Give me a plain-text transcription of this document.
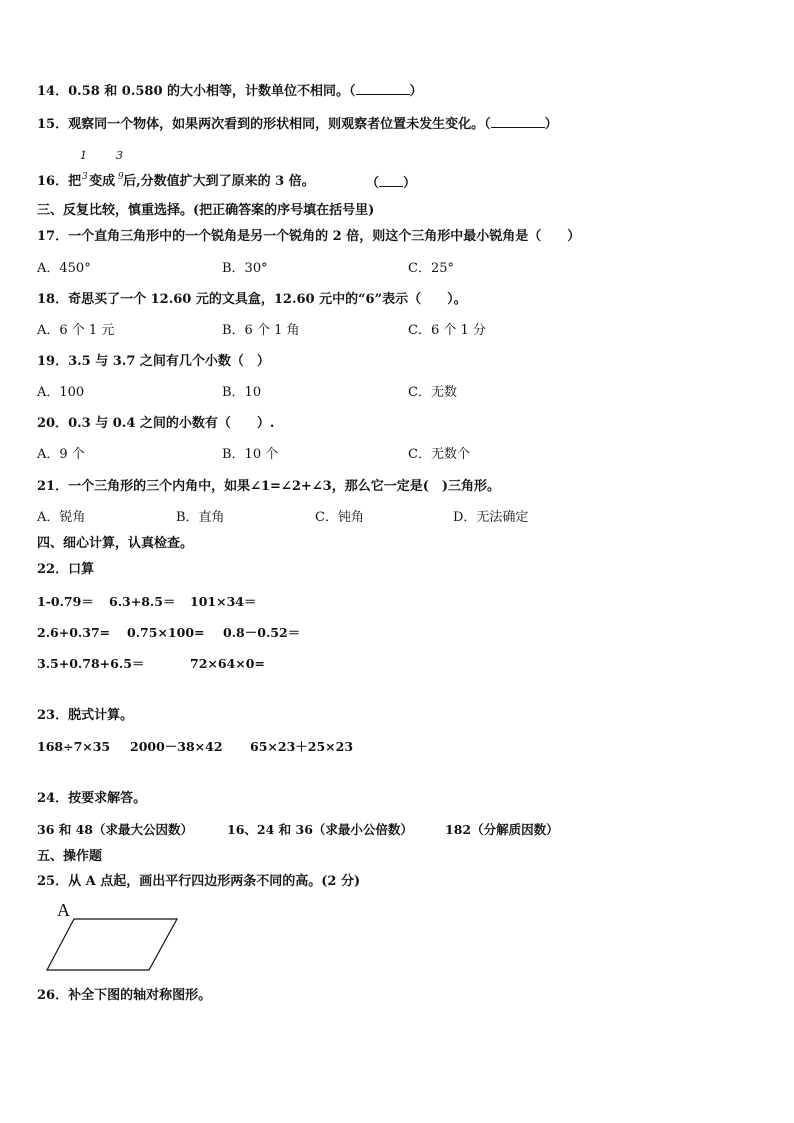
14．0.58 和 0.580 的大小相等，计数单位不相同。（	）
15．观察同一个物体，如果两次看到的形状相同，则观察者位置未发生变化。（	）
1
3
3
9
16．把 变成 后,分数值扩大到了原来的 3 倍。	（ ）
三、反复比较，慎重选择。(把正确答案的序号填在括号里)
17．一个直角三角形中的一个锐角是另一个锐角的 2 倍，则这个三角形中最小锐角是（　　）
A．450°	B．30°	C．25°
18．奇思买了一个 12.60 元的文具盒，12.60 元中的“6”表示（　　）。
A．6 个 1 元	B．6 个 1 角	C．6 个 1 分
19．3.5 与 3.7 之间有几个小数（　）
A．100	B．10	C．无数
20．0.3 与 0.4 之间的小数有（　　）.
A．9 个	B．10 个	C．无数个
21．一个三角形的三个内角中，如果∠1=∠2+∠3，那么它一定是(　)三角形。
A．锐角	B．直角	C．钝角	D．无法确定
四、细心计算，认真检查。
22．口算
1-0.79＝ 6.3+8.5＝ 101×34＝
2.6+0.37= 0.75×100= 0.8－0.52＝
3.5+0.78+6.5＝	72×64×0=
23．脱式计算。
168÷7×35 2000－38×42 65×23＋25×23
24．按要求解答。
36 和 48（求最大公因数）	16、24 和 36（求最小公倍数）	182（分解质因数）
五、操作题
25．从 A 点起，画出平行四边形两条不同的高。(2 分)
A
26．补全下图的轴对称图形。
